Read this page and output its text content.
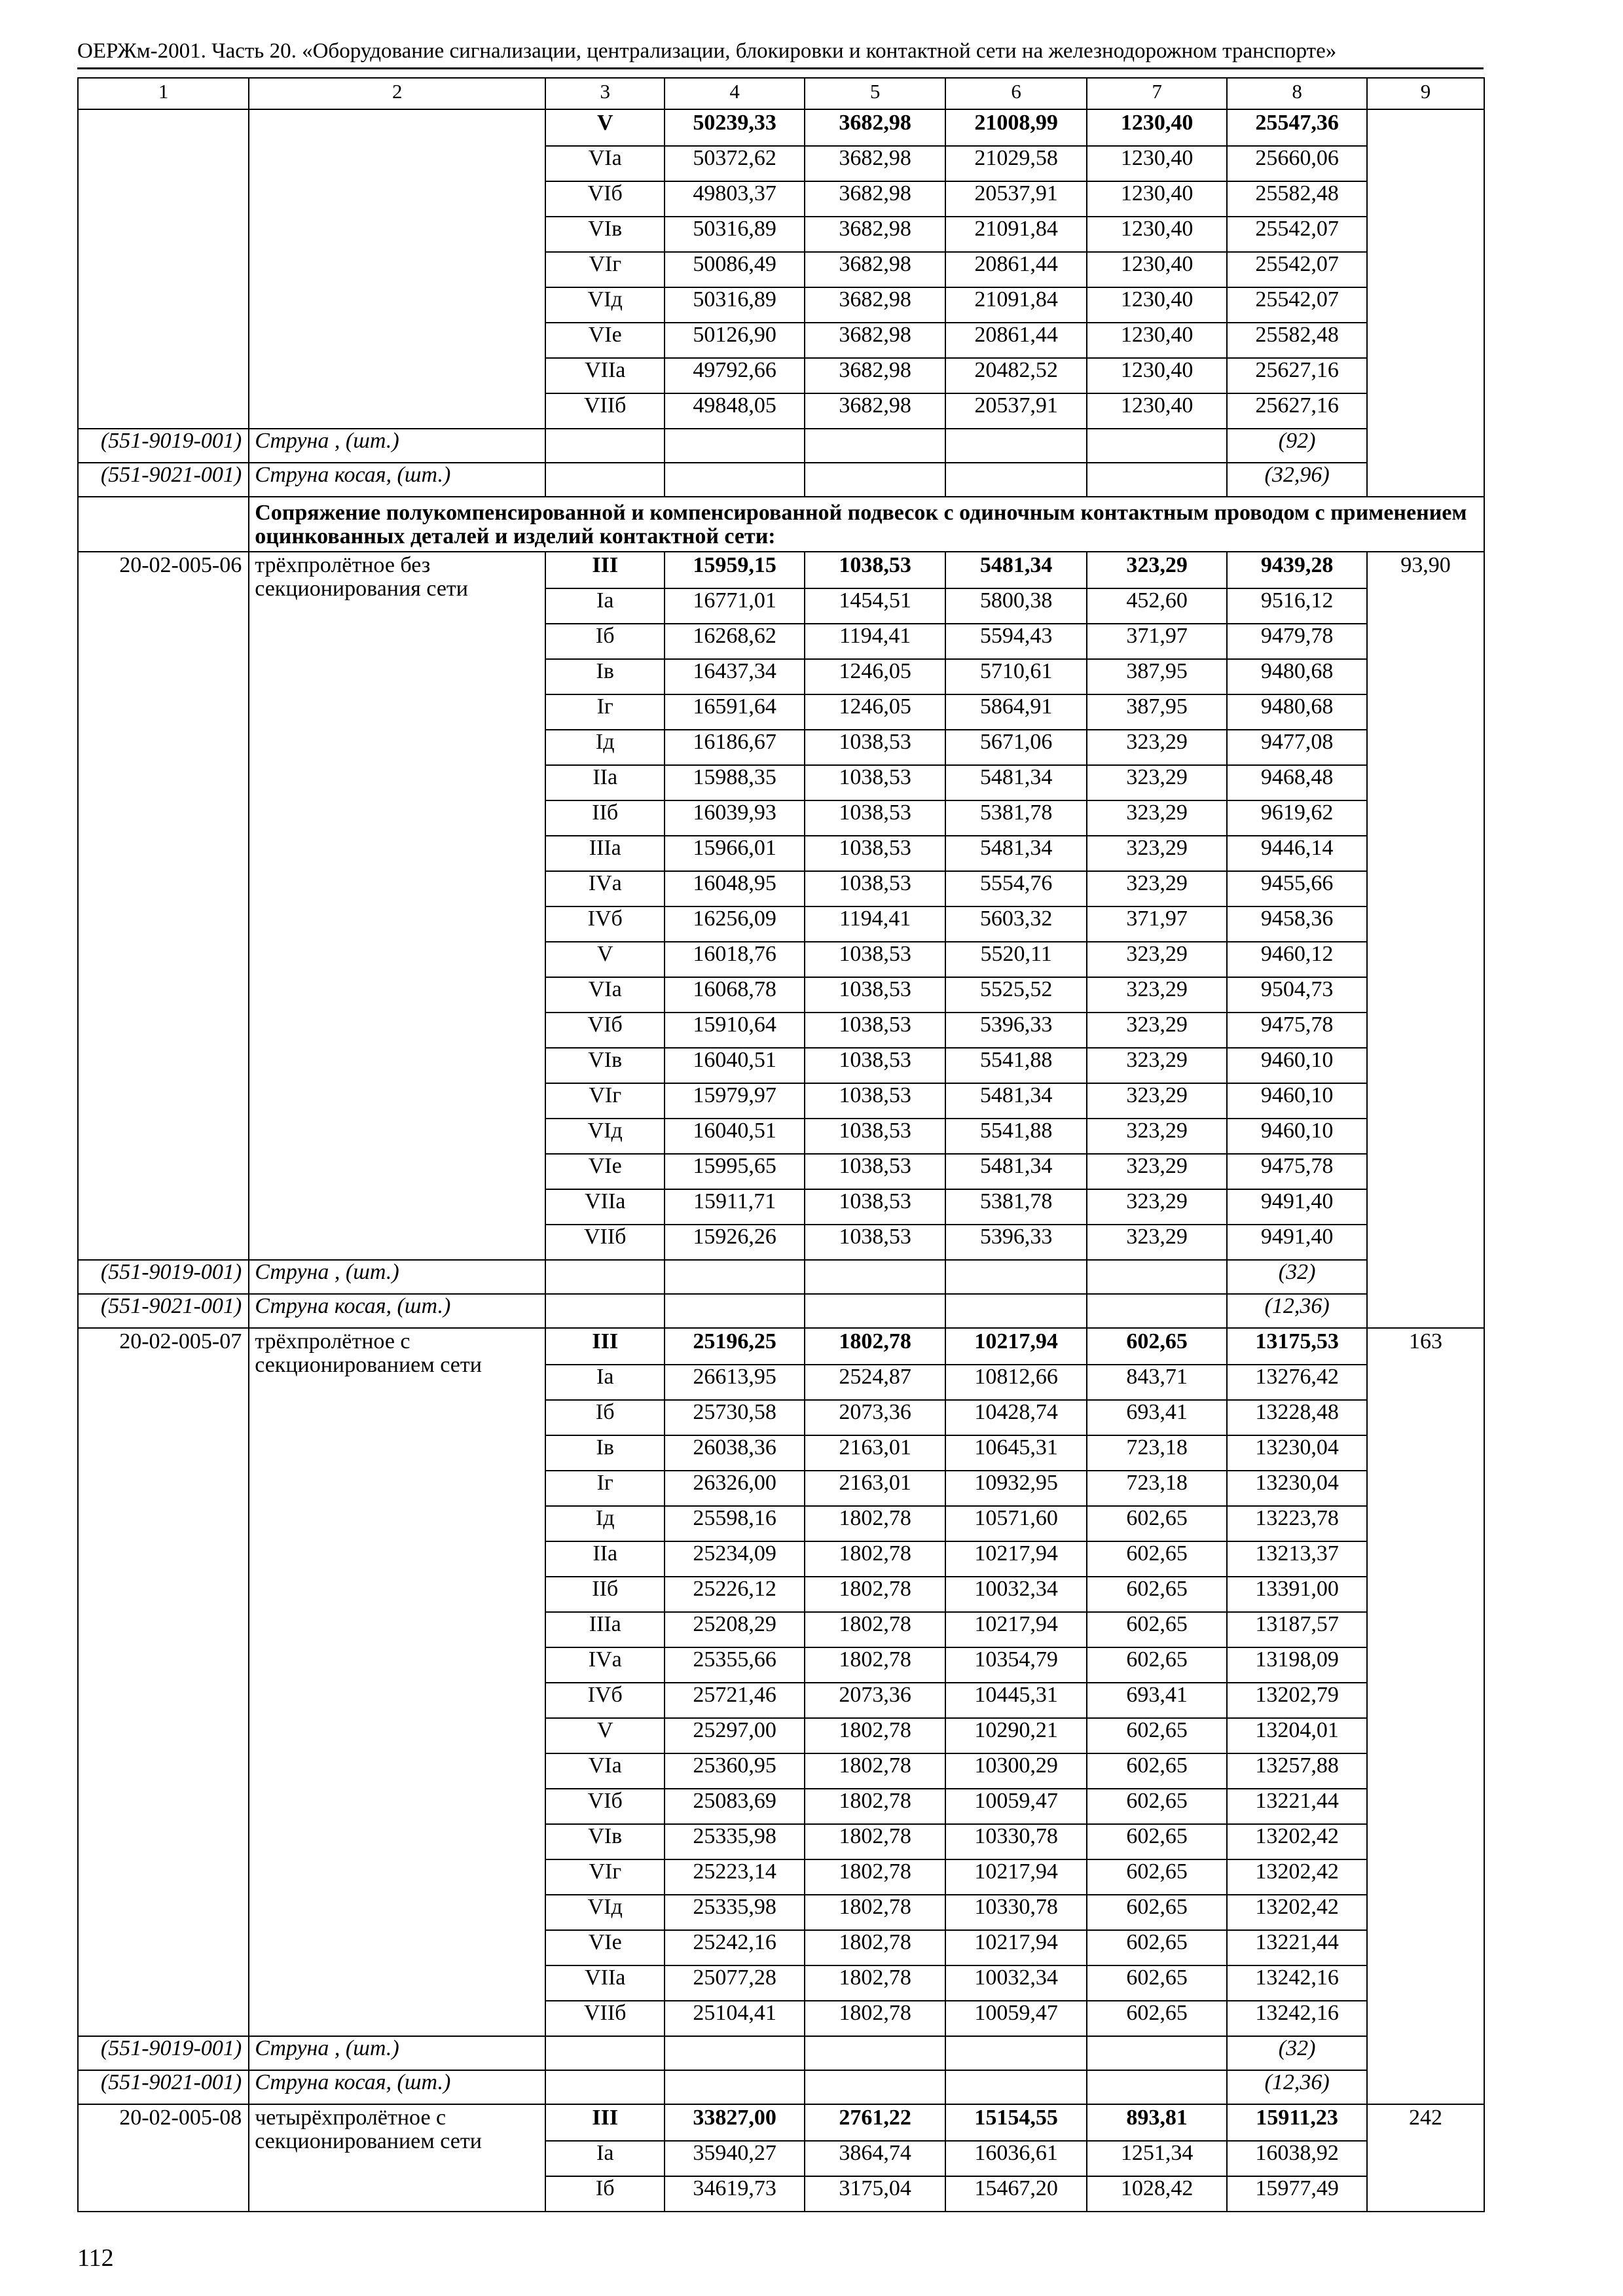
ОЕРЖм-2001. Часть 20. «Оборудование сигнализации, централизации, блокировки и контактной сети на железнодорожном транспорте»
1	2	3	4	5	6	7	8	9
		V	50239,33	3682,98	21008,99	1230,40	25547,36	
		VIа	50372,62	3682,98	21029,58	1230,40	25660,06	
		VIб	49803,37	3682,98	20537,91	1230,40	25582,48	
		VIв	50316,89	3682,98	21091,84	1230,40	25542,07	
		VIг	50086,49	3682,98	20861,44	1230,40	25542,07	
		VIд	50316,89	3682,98	21091,84	1230,40	25542,07	
		VIе	50126,90	3682,98	20861,44	1230,40	25582,48	
		VIIа	49792,66	3682,98	20482,52	1230,40	25627,16	
		VIIб	49848,05	3682,98	20537,91	1230,40	25627,16	
(551-9019-001)	Струна , (шт.)						(92)	
(551-9021-001)	Струна косая, (шт.)						(32,96)	
	Сопряжение полукомпенсированной и компенсированной подвесок с одиночным контактным проводом с применением оцинкованных деталей и изделий контактной сети:							
20-02-005-06	трёхпролётное без секционирования сети	III	15959,15	1038,53	5481,34	323,29	9439,28	93,90
		Iа	16771,01	1454,51	5800,38	452,60	9516,12	
		Iб	16268,62	1194,41	5594,43	371,97	9479,78	
		Iв	16437,34	1246,05	5710,61	387,95	9480,68	
		Iг	16591,64	1246,05	5864,91	387,95	9480,68	
		Iд	16186,67	1038,53	5671,06	323,29	9477,08	
		IIа	15988,35	1038,53	5481,34	323,29	9468,48	
		IIб	16039,93	1038,53	5381,78	323,29	9619,62	
		IIIа	15966,01	1038,53	5481,34	323,29	9446,14	
		IVа	16048,95	1038,53	5554,76	323,29	9455,66	
		IVб	16256,09	1194,41	5603,32	371,97	9458,36	
		V	16018,76	1038,53	5520,11	323,29	9460,12	
		VIа	16068,78	1038,53	5525,52	323,29	9504,73	
		VIб	15910,64	1038,53	5396,33	323,29	9475,78	
		VIв	16040,51	1038,53	5541,88	323,29	9460,10	
		VIг	15979,97	1038,53	5481,34	323,29	9460,10	
		VIд	16040,51	1038,53	5541,88	323,29	9460,10	
		VIе	15995,65	1038,53	5481,34	323,29	9475,78	
		VIIа	15911,71	1038,53	5381,78	323,29	9491,40	
		VIIб	15926,26	1038,53	5396,33	323,29	9491,40	
(551-9019-001)	Струна , (шт.)						(32)	
(551-9021-001)	Струна косая, (шт.)						(12,36)	
20-02-005-07	трёхпролётное с секционированием сети	III	25196,25	1802,78	10217,94	602,65	13175,53	163
		Iа	26613,95	2524,87	10812,66	843,71	13276,42	
		Iб	25730,58	2073,36	10428,74	693,41	13228,48	
		Iв	26038,36	2163,01	10645,31	723,18	13230,04	
		Iг	26326,00	2163,01	10932,95	723,18	13230,04	
		Iд	25598,16	1802,78	10571,60	602,65	13223,78	
		IIа	25234,09	1802,78	10217,94	602,65	13213,37	
		IIб	25226,12	1802,78	10032,34	602,65	13391,00	
		IIIа	25208,29	1802,78	10217,94	602,65	13187,57	
		IVа	25355,66	1802,78	10354,79	602,65	13198,09	
		IVб	25721,46	2073,36	10445,31	693,41	13202,79	
		V	25297,00	1802,78	10290,21	602,65	13204,01	
		VIа	25360,95	1802,78	10300,29	602,65	13257,88	
		VIб	25083,69	1802,78	10059,47	602,65	13221,44	
		VIв	25335,98	1802,78	10330,78	602,65	13202,42	
		VIг	25223,14	1802,78	10217,94	602,65	13202,42	
		VIд	25335,98	1802,78	10330,78	602,65	13202,42	
		VIе	25242,16	1802,78	10217,94	602,65	13221,44	
		VIIа	25077,28	1802,78	10032,34	602,65	13242,16	
		VIIб	25104,41	1802,78	10059,47	602,65	13242,16	
(551-9019-001)	Струна , (шт.)						(32)	
(551-9021-001)	Струна косая, (шт.)						(12,36)	
20-02-005-08	четырёхпролётное с секционированием сети	III	33827,00	2761,22	15154,55	893,81	15911,23	242
		Iа	35940,27	3864,74	16036,61	1251,34	16038,92	
		Iб	34619,73	3175,04	15467,20	1028,42	15977,49	
112
